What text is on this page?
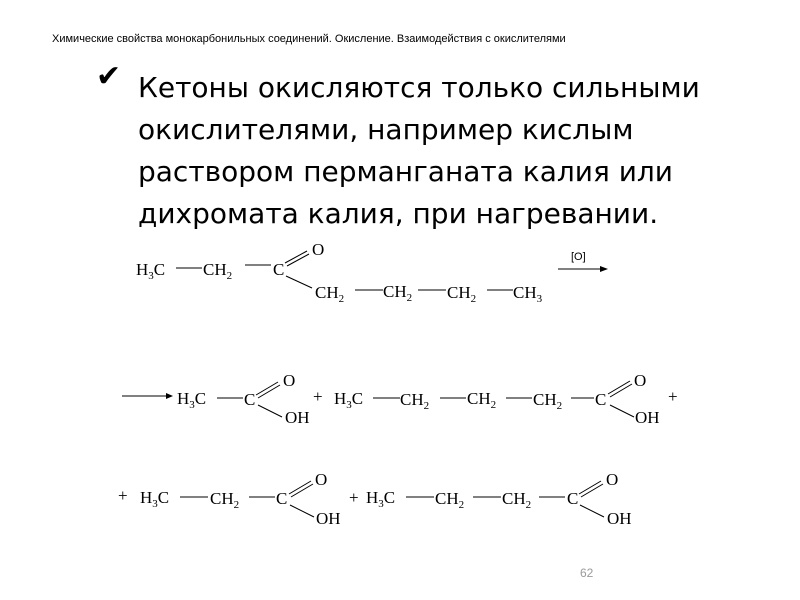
Химические свойства монокарбонильных соединений. Окисление. Взаимодействия с окислителями
✔ Кетоны окисляются только сильными окислителями, например кислым раствором перманганата калия или дихромата калия, при нагревании.
[O]
$H_3C$ $CH_2$ C
O
$CH_2$ $CH_2$ $CH_2$ $CH_3$
$H_3C$ C
O
OH
+ $H_3C$ $CH_2$ $CH_2$ $CH_2$ C
O
OH
+
+ $H_3C$ $CH_2$ C
O
OH
+ $H_3C$ $CH_2$ $CH_2$ C
O
OH
62
